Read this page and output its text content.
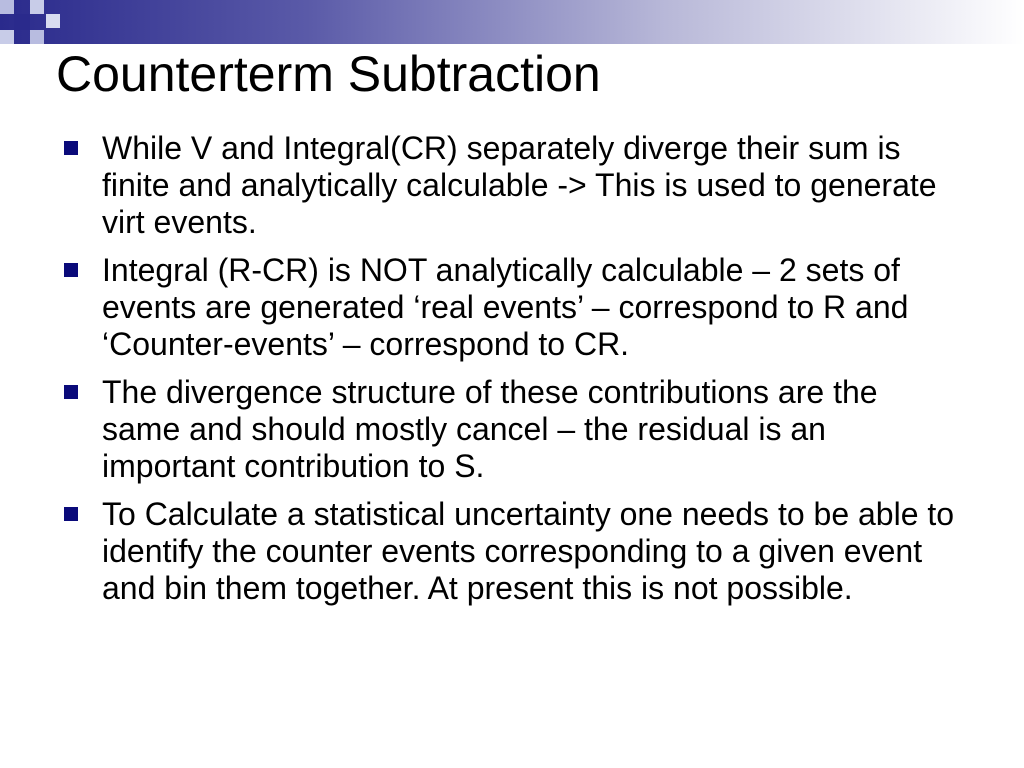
Counterterm Subtraction
While V and Integral(CR) separately diverge their sum is finite and analytically calculable -> This is used to generate virt events.
Integral (R-CR) is NOT analytically calculable – 2 sets of events are generated ‘real events’ – correspond to R and ‘Counter-events’ – correspond to CR.
The divergence structure of these contributions are the same and should mostly cancel – the residual is an important contribution to S.
To Calculate a statistical uncertainty one needs to be able to identify the counter events corresponding to a given event and bin them together. At present this is not possible.
